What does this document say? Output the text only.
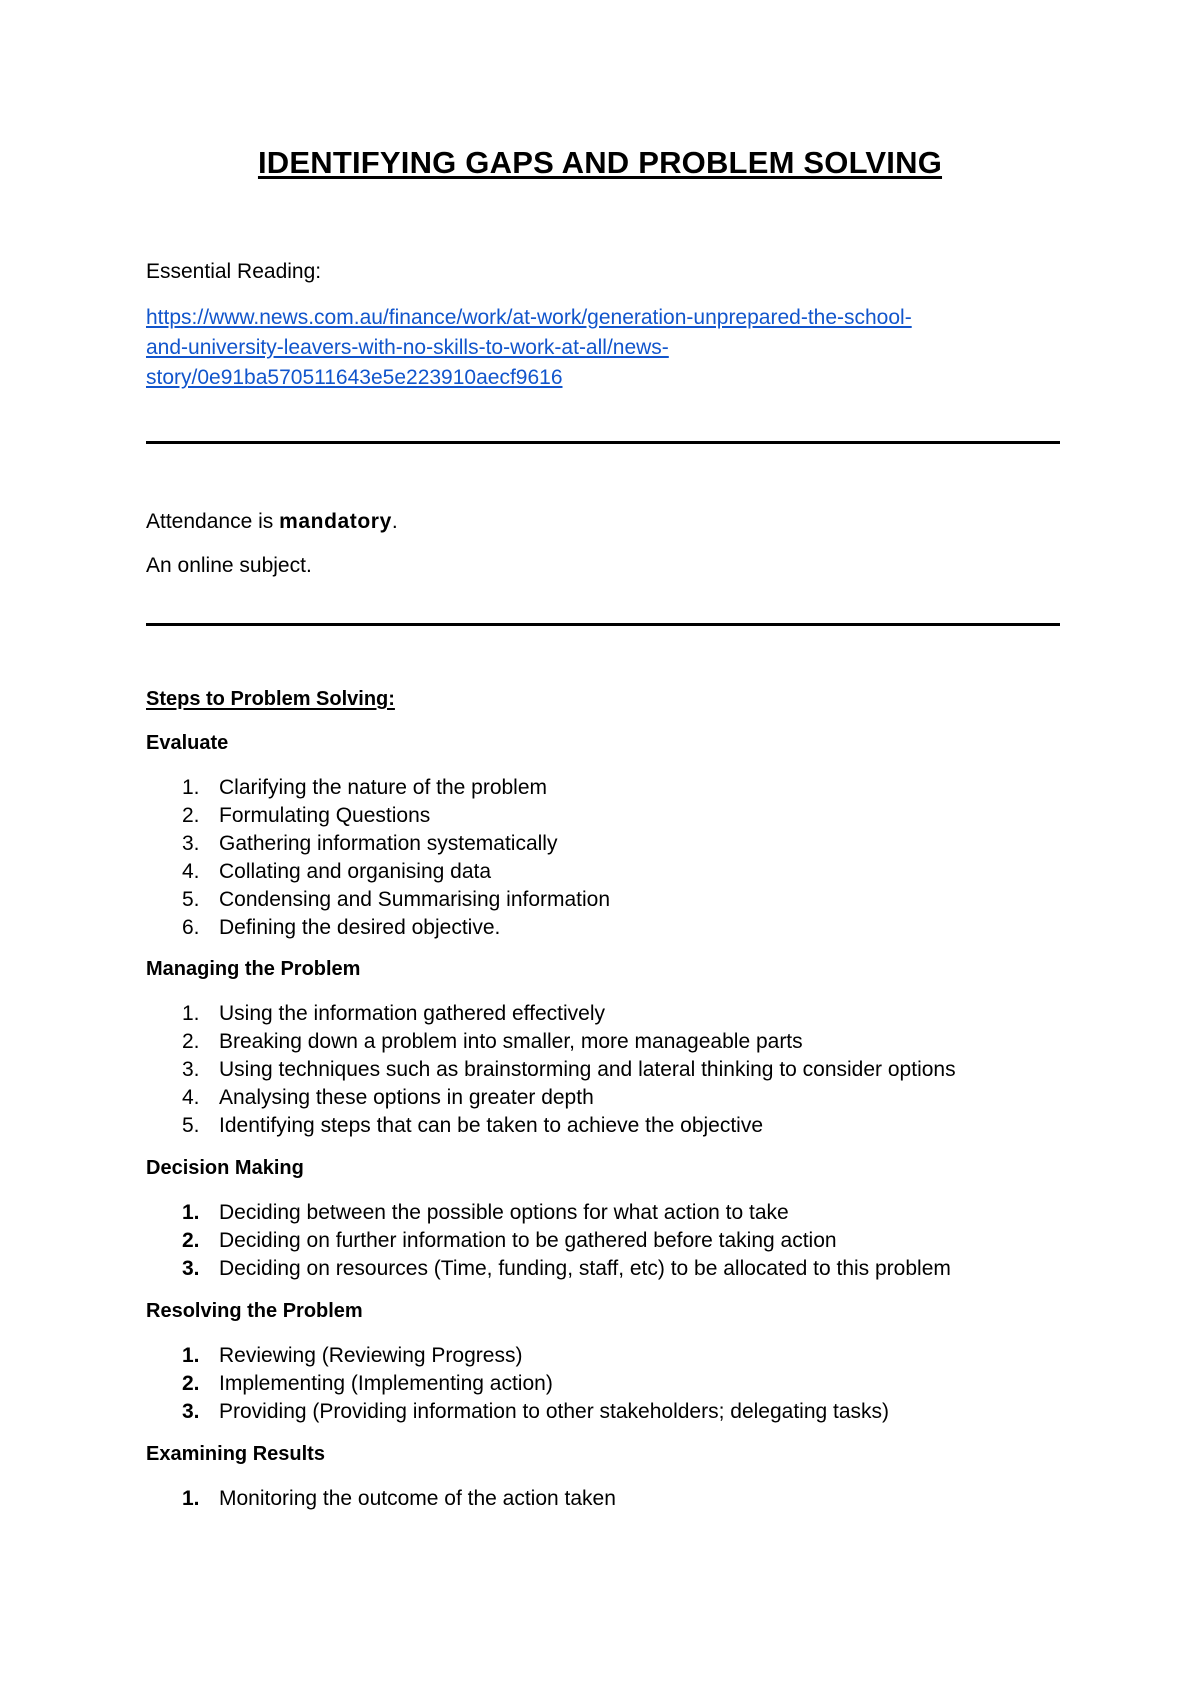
IDENTIFYING GAPS AND PROBLEM SOLVING
Essential Reading:
https://www.news.com.au/finance/work/at-work/generation-unprepared-the-school-
and-university-leavers-with-no-skills-to-work-at-all/news-
story/0e91ba570511643e5e223910aecf9616
Attendance is mandatory.
An online subject.
Steps to Problem Solving:
Evaluate
1. Clarifying the nature of the problem
2. Formulating Questions
3. Gathering information systematically
4. Collating and organising data
5. Condensing and Summarising information
6. Defining the desired objective.
Managing the Problem
1. Using the information gathered effectively
2. Breaking down a problem into smaller, more manageable parts
3. Using techniques such as brainstorming and lateral thinking to consider options
4. Analysing these options in greater depth
5. Identifying steps that can be taken to achieve the objective
Decision Making
1. Deciding between the possible options for what action to take
2. Deciding on further information to be gathered before taking action
3. Deciding on resources (Time, funding, staff, etc) to be allocated to this problem
Resolving the Problem
1. Reviewing (Reviewing Progress)
2. Implementing (Implementing action)
3. Providing (Providing information to other stakeholders; delegating tasks)
Examining Results
1. Monitoring the outcome of the action taken
